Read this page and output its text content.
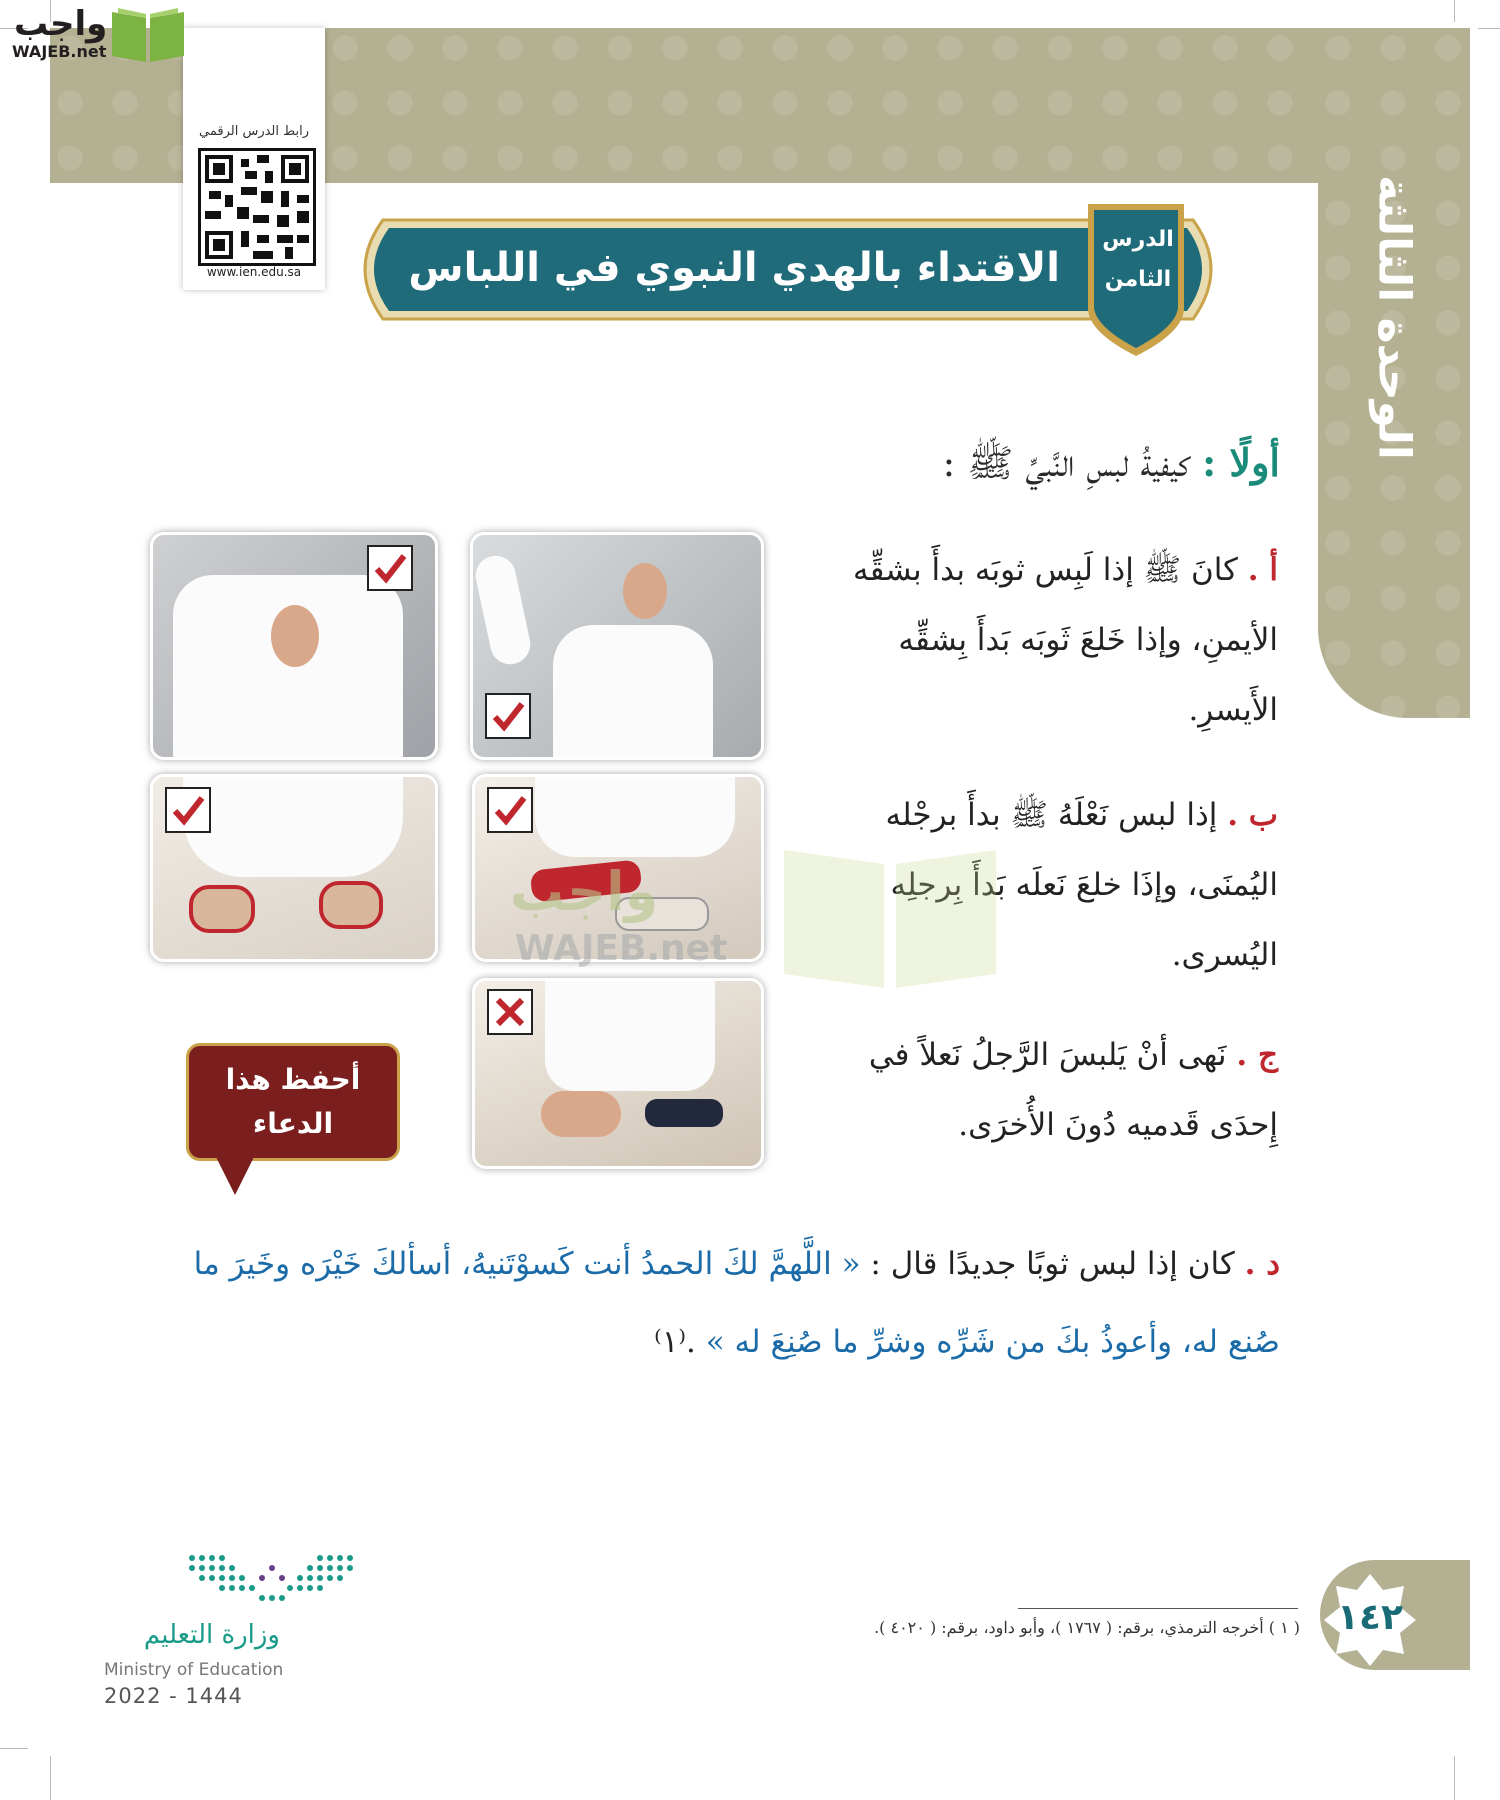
الوحدة الثالثة
رابط الدرس الرقمي
www.ien.edu.sa
واجب
WAJEB.net
الاقتداء بالهدي النبوي في اللباس
الدرس
الثامن
أولًا : كيفيةُ لبسِ النَّبيِّ ﷺ :
أ . كانَ ﷺ إذا لَبِس ثوبَه بدأَ بشقِّه الأيمنِ، وإذا خَلعَ ثَوبَه بَدأَ بِشقِّه الأَيسرِ.
ب . إذا لبس نَعْلَهُ ﷺ بدأَ برجْله اليُمنَى، وإذَا خلعَ نَعلَه بَدأَ بِرجلِه اليُسرى.
ج . نَهى أنْ يَلبسَ الرَّجلُ نَعلاً في إِحدَى قَدميه دُونَ الأُخرَى.
د . كان إذا لبس ثوبًا جديدًا قال : « اللَّهمَّ لكَ الحمدُ أنت كَسوْتَنيهُ، أسألكَ خَيْرَه وخَيرَ ما صُنع له، وأعوذُ بكَ من شَرِّه وشرِّ ما صُنِعَ له » .⁽١⁾
أحفظ هذا
الدعاء
واجب
WAJEB.net
( ١ ) أخرجه الترمذي، برقم: ( ١٧٦٧ )، وأبو داود، برقم: ( ٤٠٢٠ ). ١٤٢
وزارة التعليم
Ministry of Education
2022 - 1444
